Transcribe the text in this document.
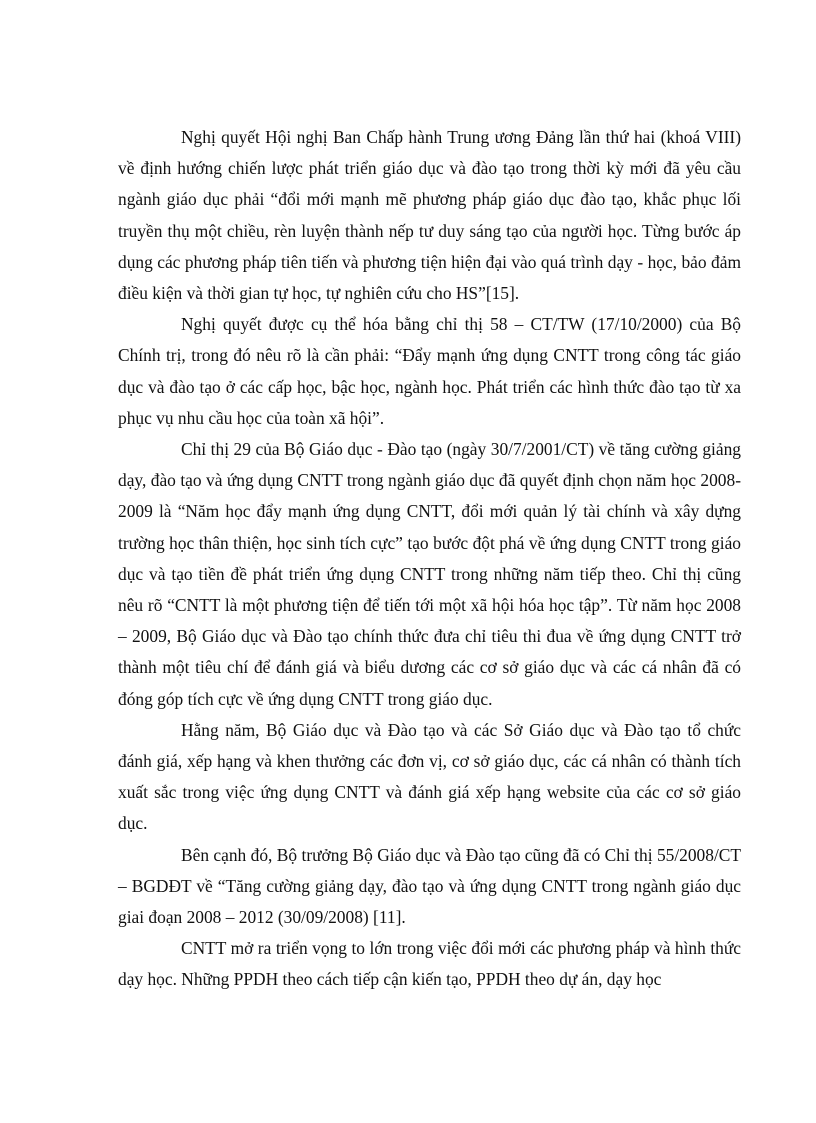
Nghị quyết Hội nghị Ban Chấp hành Trung ương Đảng lần thứ hai (khoá VIII) về định hướng chiến lược phát triển giáo dục và đào tạo trong thời kỳ mới đã yêu cầu ngành giáo dục phải “đổi mới mạnh mẽ phương pháp giáo dục đào tạo, khắc phục lối truyền thụ một chiều, rèn luyện thành nếp tư duy sáng tạo của người học. Từng bước áp dụng các phương pháp tiên tiến và phương tiện hiện đại vào quá trình dạy - học, bảo đảm điều kiện và thời gian tự học, tự nghiên cứu cho HS”[15].

Nghị quyết được cụ thể hóa bằng chỉ thị 58 – CT/TW (17/10/2000) của Bộ Chính trị, trong đó nêu rõ là cần phải: “Đẩy mạnh ứng dụng CNTT trong công tác giáo dục và đào tạo ở các cấp học, bậc học, ngành học. Phát triển các hình thức đào tạo từ xa phục vụ nhu cầu học của toàn xã hội”.

Chỉ thị 29 của Bộ Giáo dục - Đào tạo (ngày 30/7/2001/CT) về tăng cường giảng dạy, đào tạo và ứng dụng CNTT trong ngành giáo dục đã quyết định chọn năm học 2008-2009 là “Năm học đẩy mạnh ứng dụng CNTT, đổi mới quản lý tài chính và xây dựng trường học thân thiện, học sinh tích cực” tạo bước đột phá về ứng dụng CNTT trong giáo dục và tạo tiền đề phát triển ứng dụng CNTT trong những năm tiếp theo. Chỉ thị cũng nêu rõ “CNTT là một phương tiện để tiến tới một xã hội hóa học tập”. Từ năm học 2008 – 2009, Bộ Giáo dục và Đào tạo chính thức đưa chỉ tiêu thi đua về ứng dụng CNTT trở thành một tiêu chí để đánh giá và biểu dương các cơ sở giáo dục và các cá nhân đã có đóng góp tích cực về ứng dụng CNTT trong giáo dục.

Hằng năm, Bộ Giáo dục và Đào tạo và các Sở Giáo dục và Đào tạo tổ chức đánh giá, xếp hạng và khen thưởng các đơn vị, cơ sở giáo dục, các cá nhân có thành tích xuất sắc trong việc ứng dụng CNTT và đánh giá xếp hạng website của các cơ sở giáo dục.

Bên cạnh đó, Bộ trưởng Bộ Giáo dục và Đào tạo cũng đã có Chỉ thị 55/2008/CT – BGDĐT về “Tăng cường giảng dạy, đào tạo và ứng dụng CNTT trong ngành giáo dục giai đoạn 2008 – 2012 (30/09/2008) [11].

CNTT mở ra triển vọng to lớn trong việc đổi mới các phương pháp và hình thức dạy học. Những PPDH theo cách tiếp cận kiến tạo, PPDH theo dự án, dạy học
